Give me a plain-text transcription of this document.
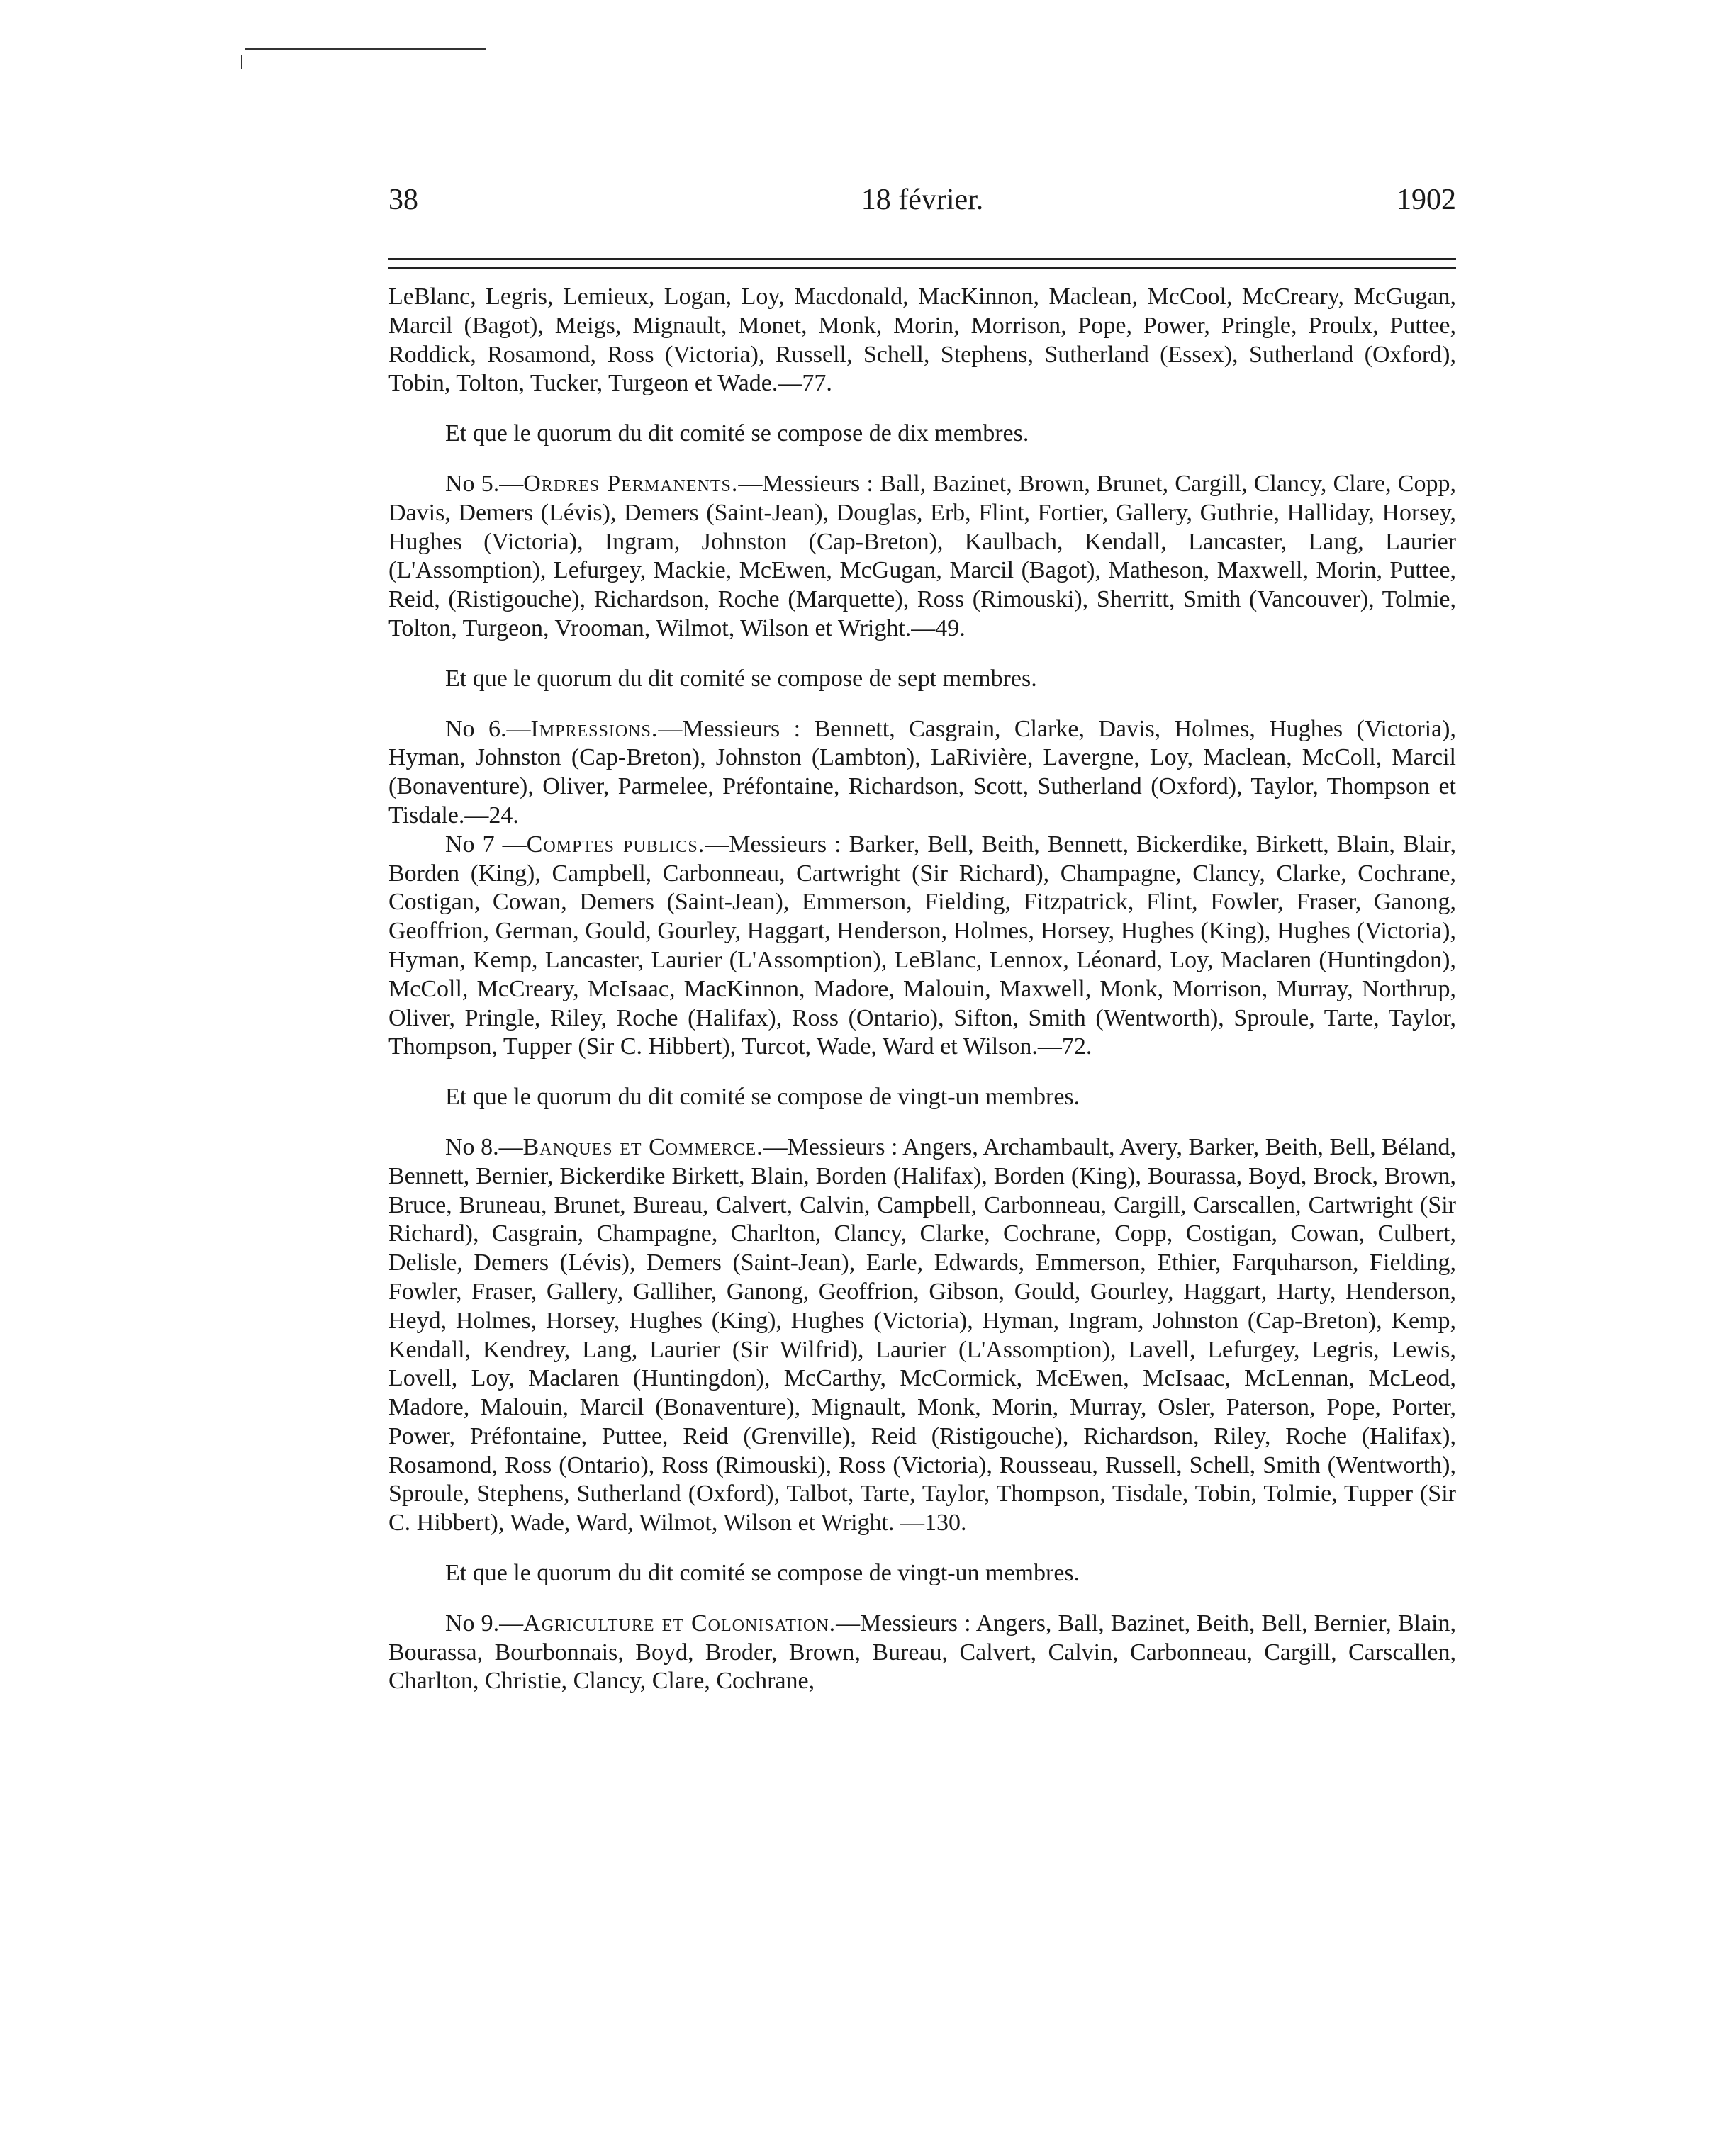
38	18 février.	1902

LeBlanc, Legris, Lemieux, Logan, Loy, Macdonald, MacKinnon, Maclean, McCool, McCreary, McGugan, Marcil (Bagot), Meigs, Mignault, Monet, Monk, Morin, Morrison, Pope, Power, Pringle, Proulx, Puttee, Roddick, Rosamond, Ross (Victoria), Russell, Schell, Stephens, Sutherland (Essex), Sutherland (Oxford), Tobin, Tolton, Tucker, Turgeon et Wade.—77.

Et que le quorum du dit comité se compose de dix membres.

No 5.—Ordres Permanents.—Messieurs : Ball, Bazinet, Brown, Brunet, Cargill, Clancy, Clare, Copp, Davis, Demers (Lévis), Demers (Saint-Jean), Douglas, Erb, Flint, Fortier, Gallery, Guthrie, Halliday, Horsey, Hughes (Victoria), Ingram, Johnston (Cap-Breton), Kaulbach, Kendall, Lancaster, Lang, Laurier (L'Assomption), Lefurgey, Mackie, McEwen, McGugan, Marcil (Bagot), Matheson, Maxwell, Morin, Puttee, Reid, (Ristigouche), Richardson, Roche (Marquette), Ross (Rimouski), Sherritt, Smith (Vancouver), Tolmie, Tolton, Turgeon, Vrooman, Wilmot, Wilson et Wright.—49.

Et que le quorum du dit comité se compose de sept membres.

No 6.—Impressions.—Messieurs : Bennett, Casgrain, Clarke, Davis, Holmes, Hughes (Victoria), Hyman, Johnston (Cap-Breton), Johnston (Lambton), LaRivière, Lavergne, Loy, Maclean, McColl, Marcil (Bonaventure), Oliver, Parmelee, Préfontaine, Richardson, Scott, Sutherland (Oxford), Taylor, Thompson et Tisdale.—24.

No 7 —Comptes publics.—Messieurs : Barker, Bell, Beith, Bennett, Bickerdike, Birkett, Blain, Blair, Borden (King), Campbell, Carbonneau, Cartwright (Sir Richard), Champagne, Clancy, Clarke, Cochrane, Costigan, Cowan, Demers (Saint-Jean), Emmerson, Fielding, Fitzpatrick, Flint, Fowler, Fraser, Ganong, Geoffrion, German, Gould, Gourley, Haggart, Henderson, Holmes, Horsey, Hughes (King), Hughes (Victoria), Hyman, Kemp, Lancaster, Laurier (L'Assomption), LeBlanc, Lennox, Léonard, Loy, Maclaren (Huntingdon), McColl, McCreary, McIsaac, MacKinnon, Madore, Malouin, Maxwell, Monk, Morrison, Murray, Northrup, Oliver, Pringle, Riley, Roche (Halifax), Ross (Ontario), Sifton, Smith (Wentworth), Sproule, Tarte, Taylor, Thompson, Tupper (Sir C. Hibbert), Turcot, Wade, Ward et Wilson.—72.

Et que le quorum du dit comité se compose de vingt-un membres.

No 8.—Banques et Commerce.—Messieurs : Angers, Archambault, Avery, Barker, Beith, Bell, Béland, Bennett, Bernier, Bickerdike Birkett, Blain, Borden (Halifax), Borden (King), Bourassa, Boyd, Brock, Brown, Bruce, Bruneau, Brunet, Bureau, Calvert, Calvin, Campbell, Carbonneau, Cargill, Carscallen, Cartwright (Sir Richard), Casgrain, Champagne, Charlton, Clancy, Clarke, Cochrane, Copp, Costigan, Cowan, Culbert, Delisle, Demers (Lévis), Demers (Saint-Jean), Earle, Edwards, Emmerson, Ethier, Farquharson, Fielding, Fowler, Fraser, Gallery, Galliher, Ganong, Geoffrion, Gibson, Gould, Gourley, Haggart, Harty, Henderson, Heyd, Holmes, Horsey, Hughes (King), Hughes (Victoria), Hyman, Ingram, Johnston (Cap-Breton), Kemp, Kendall, Kendrey, Lang, Laurier (Sir Wilfrid), Laurier (L'Assomption), Lavell, Lefurgey, Legris, Lewis, Lovell, Loy, Maclaren (Huntingdon), McCarthy, McCormick, McEwen, McIsaac, McLennan, McLeod, Madore, Malouin, Marcil (Bonaventure), Mignault, Monk, Morin, Murray, Osler, Paterson, Pope, Porter, Power, Préfontaine, Puttee, Reid (Grenville), Reid (Ristigouche), Richardson, Riley, Roche (Halifax), Rosamond, Ross (Ontario), Ross (Rimouski), Ross (Victoria), Rousseau, Russell, Schell, Smith (Wentworth), Sproule, Stephens, Sutherland (Oxford), Talbot, Tarte, Taylor, Thompson, Tisdale, Tobin, Tolmie, Tupper (Sir C. Hibbert), Wade, Ward, Wilmot, Wilson et Wright. —130.

Et que le quorum du dit comité se compose de vingt-un membres.

No 9.—Agriculture et Colonisation.—Messieurs : Angers, Ball, Bazinet, Beith, Bell, Bernier, Blain, Bourassa, Bourbonnais, Boyd, Broder, Brown, Bureau, Calvert, Calvin, Carbonneau, Cargill, Carscallen, Charlton, Christie, Clancy, Clare, Cochrane,
